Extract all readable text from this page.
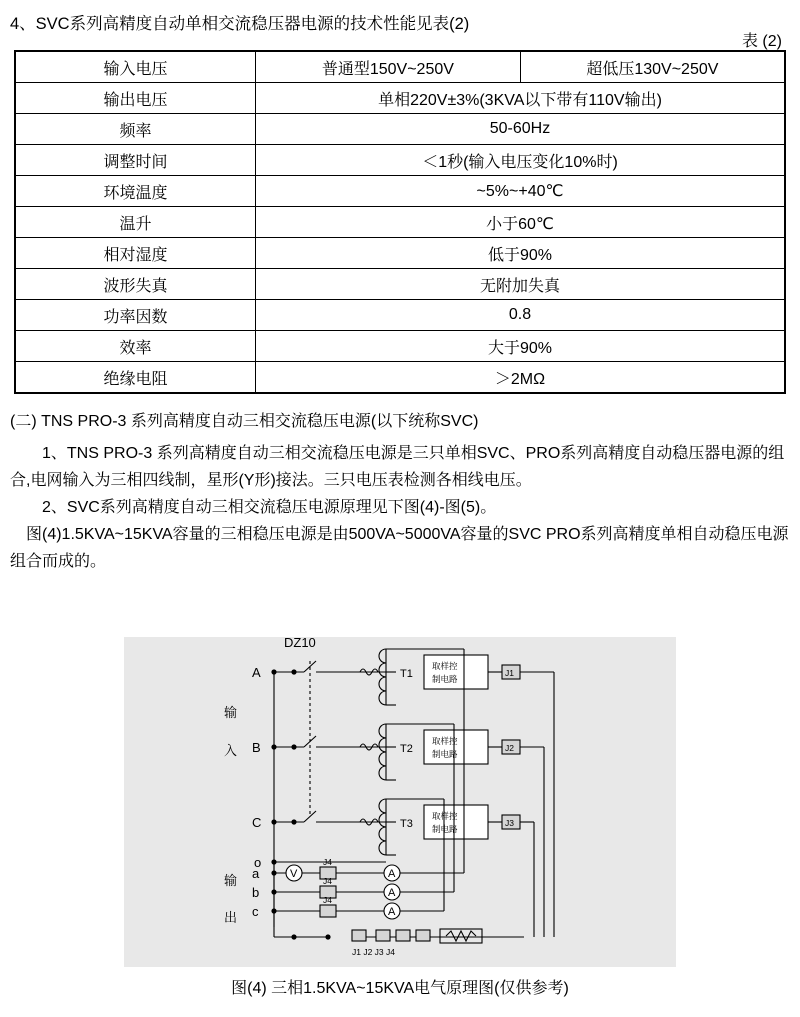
4、SVC系列高精度自动单相交流稳压器电源的技术性能见表(2)
表 (2)
输入电压	普通型150V~250V	超低压130V~250V
输出电压	单相220V±3%(3KVA以下带有110V输出)	
频率	50-60Hz	
调整时间	＜1秒(输入电压变化10%时)	
环境温度	~5%~+40℃	
温升	小于60℃	
相对湿度	低于90%	
波形失真	无附加失真	
功率因数	0.8	
效率	大于90%	
绝缘电阻	＞2MΩ	
(二) TNS PRO-3 系列高精度自动三相交流稳压电源(以下统称SVC)

1、TNS PRO-3 系列高精度自动三相交流稳压电源是三只单相SVC、PRO系列高精度自动稳压器电源的组合,电网输入为三相四线制，星形(Y形)接法。三只电压表检测各相线电压。

2、SVC系列高精度自动三相交流稳压电源原理见下图(4)-图(5)。

图(4)1.5KVA~15KVA容量的三相稳压电源是由500VA~5000VA容量的SVC PRO系列高精度单相自动稳压电源组合而成的。

DZ10
A
B
C
o
输
入
输
出
T1
T2
T3
取样控
制电路
取样控
制电路
取样控
制电路
J1
J2
J3
a
b
c
J4
J4
J4
V	A
A
A
J1 J2 J3 J4
图(4) 三相1.5KVA~15KVA电气原理图(仅供参考)
